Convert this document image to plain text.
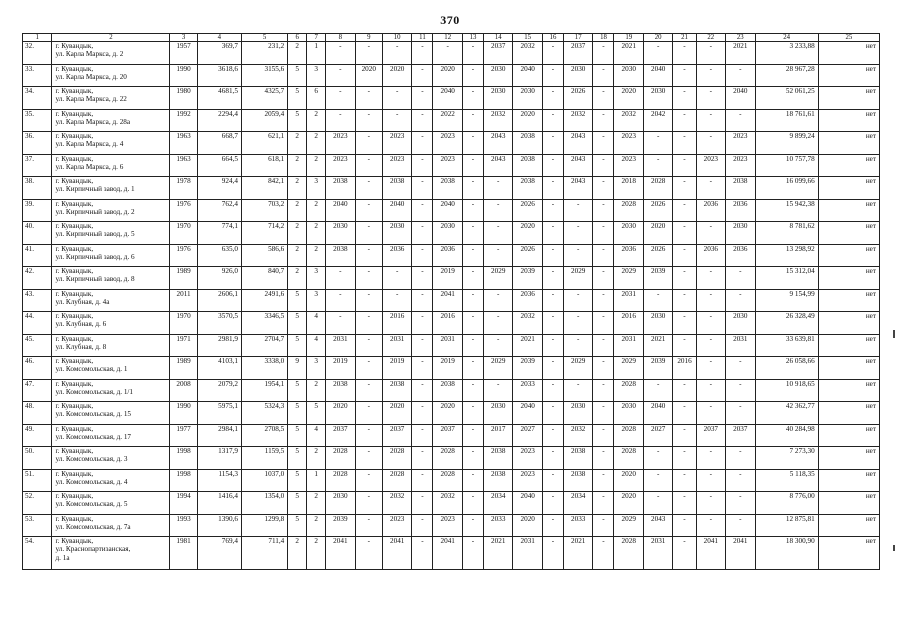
370
1	2	3	4	5	6	7	8	9	10	11	12	13	14	15	16	17	18	19	20	21	22	23	24	25
32.	г. Кувандык,
ул. Карла Маркса, д. 2	1957	369,7	231,2	2	1	-	-	-	-	-	-	2037	2032	-	2037	-	2021	-	-	-	2021	3 233,88	нет
33.	г. Кувандык,
ул. Карла Маркса, д. 20	1990	3618,6	3155,6	5	3	-	2020	2020	-	2020	-	2030	2040	-	2030	-	2030	2040	-	-	-	28 967,28	нет
34.	г. Кувандык,
ул. Карла Маркса, д. 22	1980	4681,5	4325,7	5	6	-	-	-	-	2040	-	2030	2030	-	2026	-	2020	2030	-	-	2040	52 061,25	нет
35.	г. Кувандык,
ул. Карла Маркса, д. 28а	1992	2294,4	2059,4	5	2	-	-	-	-	2022	-	2032	2020	-	2032	-	2032	2042	-	-	-	18 761,61	нет
36.	г. Кувандык,
ул. Карла Маркса, д. 4	1963	668,7	621,1	2	2	2023	-	2023	-	2023	-	2043	2038	-	2043	-	2023	-	-	-	2023	9 899,24	нет
37.	г. Кувандык,
ул. Карла Маркса, д. 6	1963	664,5	618,1	2	2	2023	-	2023	-	2023	-	2043	2038	-	2043	-	2023	-	-	2023	2023	10 757,78	нет
38.	г. Кувандык,
ул. Кирпичный завод, д. 1	1978	924,4	842,1	2	3	2038	-	2038	-	2038	-	-	2038	-	2043	-	2018	2028	-	-	2038	16 099,66	нет
39.	г. Кувандык,
ул. Кирпичный завод, д. 2	1976	762,4	703,2	2	2	2040	-	2040	-	2040	-	-	2026	-	-	-	2028	2026	-	2036	2036	15 942,38	нет
40.	г. Кувандык,
ул. Кирпичный завод, д. 5	1970	774,1	714,2	2	2	2030	-	2030	-	2030	-	-	2020	-	-	-	2030	2020	-	-	2030	8 781,62	нет
41.	г. Кувандык,
ул. Кирпичный завод, д. 6	1976	635,0	586,6	2	2	2038	-	2036	-	2036	-	-	2026	-	-	-	2036	2026	-	2036	2036	13 298,92	нет
42.	г. Кувандык,
ул. Кирпичный завод, д. 8	1989	926,0	840,7	2	3	-	-	-	-	2019	-	2029	2039	-	2029	-	2029	2039	-	-	-	15 312,04	нет
43.	г. Кувандык,
ул. Клубная, д. 4а	2011	2606,1	2491,6	5	3	-	-	-	-	2041	-	-	2036	-	-	-	2031	-	-	-	-	9 154,99	нет
44.	г. Кувандык,
ул. Клубная, д. 6	1970	3570,5	3346,5	5	4	-	-	2016	-	2016	-	-	2032	-	-	-	2016	2030	-	-	2030	26 328,49	нет
45.	г. Кувандык,
ул. Клубная, д. 8	1971	2981,9	2704,7	5	4	2031	-	2031	-	2031	-	-	2021	-	-	-	2031	2021	-	-	2031	33 639,81	нет
46.	г. Кувандык,
ул. Комсомольская, д. 1	1989	4103,1	3338,0	9	3	2019	-	2019	-	2019	-	2029	2039	-	2029	-	2029	2039	2016	-	-	26 058,66	нет
47.	г. Кувандык,
ул. Комсомольская, д. 1/1	2008	2079,2	1954,1	5	2	2038	-	2038	-	2038	-	-	2033	-	-	-	2028	-	-	-	-	10 918,65	нет
48.	г. Кувандык,
ул. Комсомольская, д. 15	1990	5975,1	5324,3	5	5	2020	-	2020	-	2020	-	2030	2040	-	2030	-	2030	2040	-	-	-	42 362,77	нет
49.	г. Кувандык,
ул. Комсомольская, д. 17	1977	2984,1	2708,5	5	4	2037	-	2037	-	2037	-	2017	2027	-	2032	-	2028	2027	-	2037	2037	40 284,98	нет
50.	г. Кувандык,
ул. Комсомольская, д. 3	1998	1317,9	1159,5	5	2	2028	-	2028	-	2028	-	2038	2023	-	2038	-	2028	-	-	-	-	7 273,30	нет
51.	г. Кувандык,
ул. Комсомольская, д. 4	1998	1154,3	1037,0	5	1	2028	-	2028	-	2028	-	2038	2023	-	2038	-	2020	-	-	-	-	5 118,35	нет
52.	г. Кувандык,
ул. Комсомольская, д. 5	1994	1416,4	1354,0	5	2	2030	-	2032	-	2032	-	2034	2040	-	2034	-	2020	-	-	-	-	8 776,00	нет
53.	г. Кувандык,
ул. Комсомольская, д. 7а	1993	1390,6	1299,8	5	2	2039	-	2023	-	2023	-	2033	2020	-	2033	-	2029	2043	-	-	-	12 875,81	нет
54.	г. Кувандык,
ул. Краснопартизанская,
д. 1а	1981	769,4	711,4	2	2	2041	-	2041	-	2041	-	2021	2031	-	2021	-	2028	2031	-	2041	2041	18 300,90	нет
